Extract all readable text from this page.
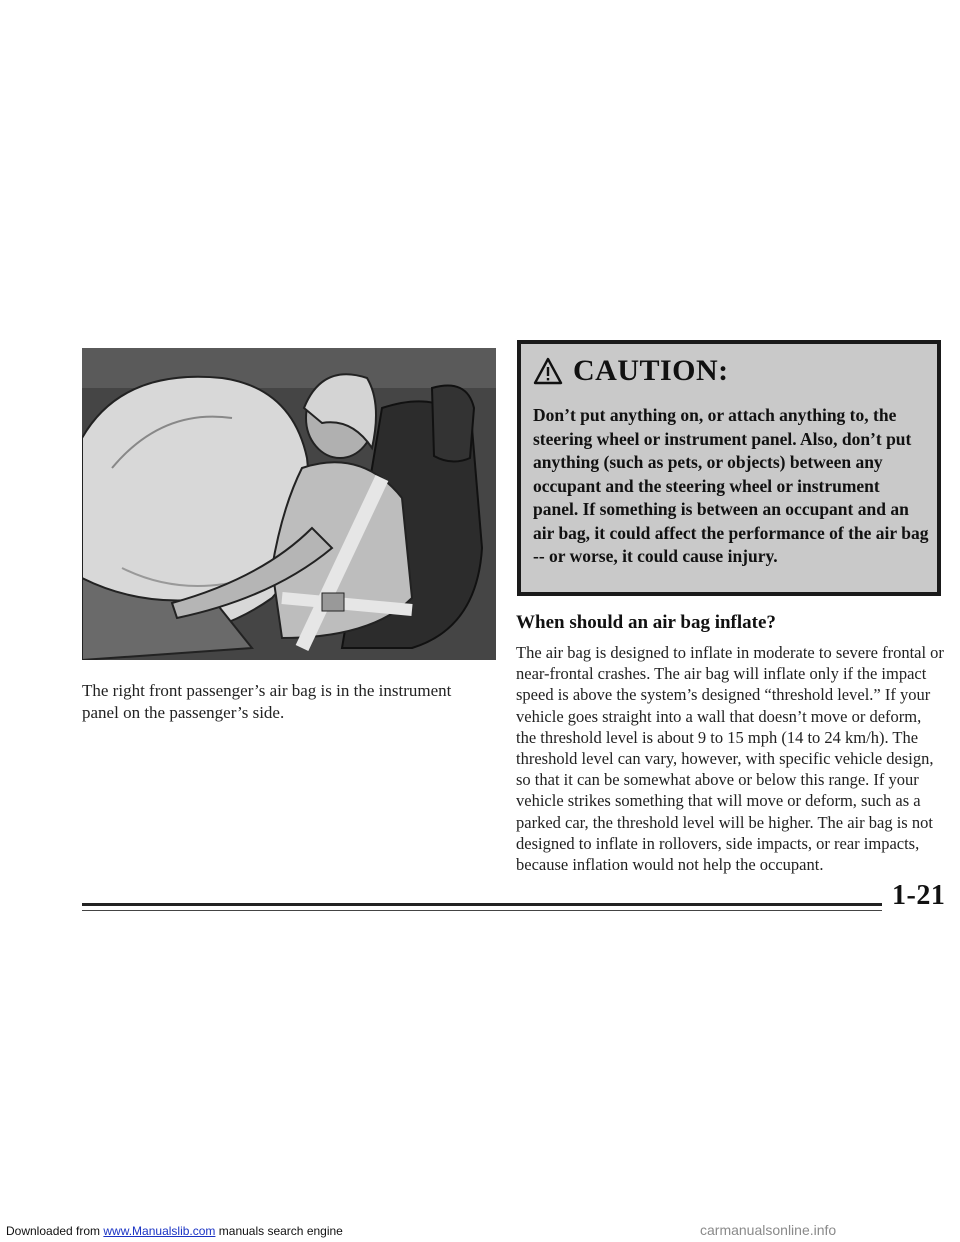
The right front passenger’s air bag is in the instrument panel on the passenger’s side.
CAUTION:
Don’t put anything on, or attach anything to, the steering wheel or instrument panel. Also, don’t put anything (such as pets, or objects) between any occupant and the steering wheel or instrument panel. If something is between an occupant and an air bag, it could affect the performance of the air bag -- or worse, it could cause injury.
When should an air bag inflate?
The air bag is designed to inflate in moderate to severe frontal or near-frontal crashes. The air bag will inflate only if the impact speed is above the system’s designed “threshold level.” If your vehicle goes straight into a wall that doesn’t move or deform, the threshold level is about 9 to 15 mph (14 to 24 km/h). The threshold level can vary, however, with specific vehicle design, so that it can be somewhat above or below this range. If your vehicle strikes something that will move or deform, such as a parked car, the threshold level will be higher. The air bag is not designed to inflate in rollovers, side impacts, or rear impacts, because inflation would not help the occupant.
1-21
Downloaded from www.Manualslib.com manuals search engine	carmanualsonline.info
